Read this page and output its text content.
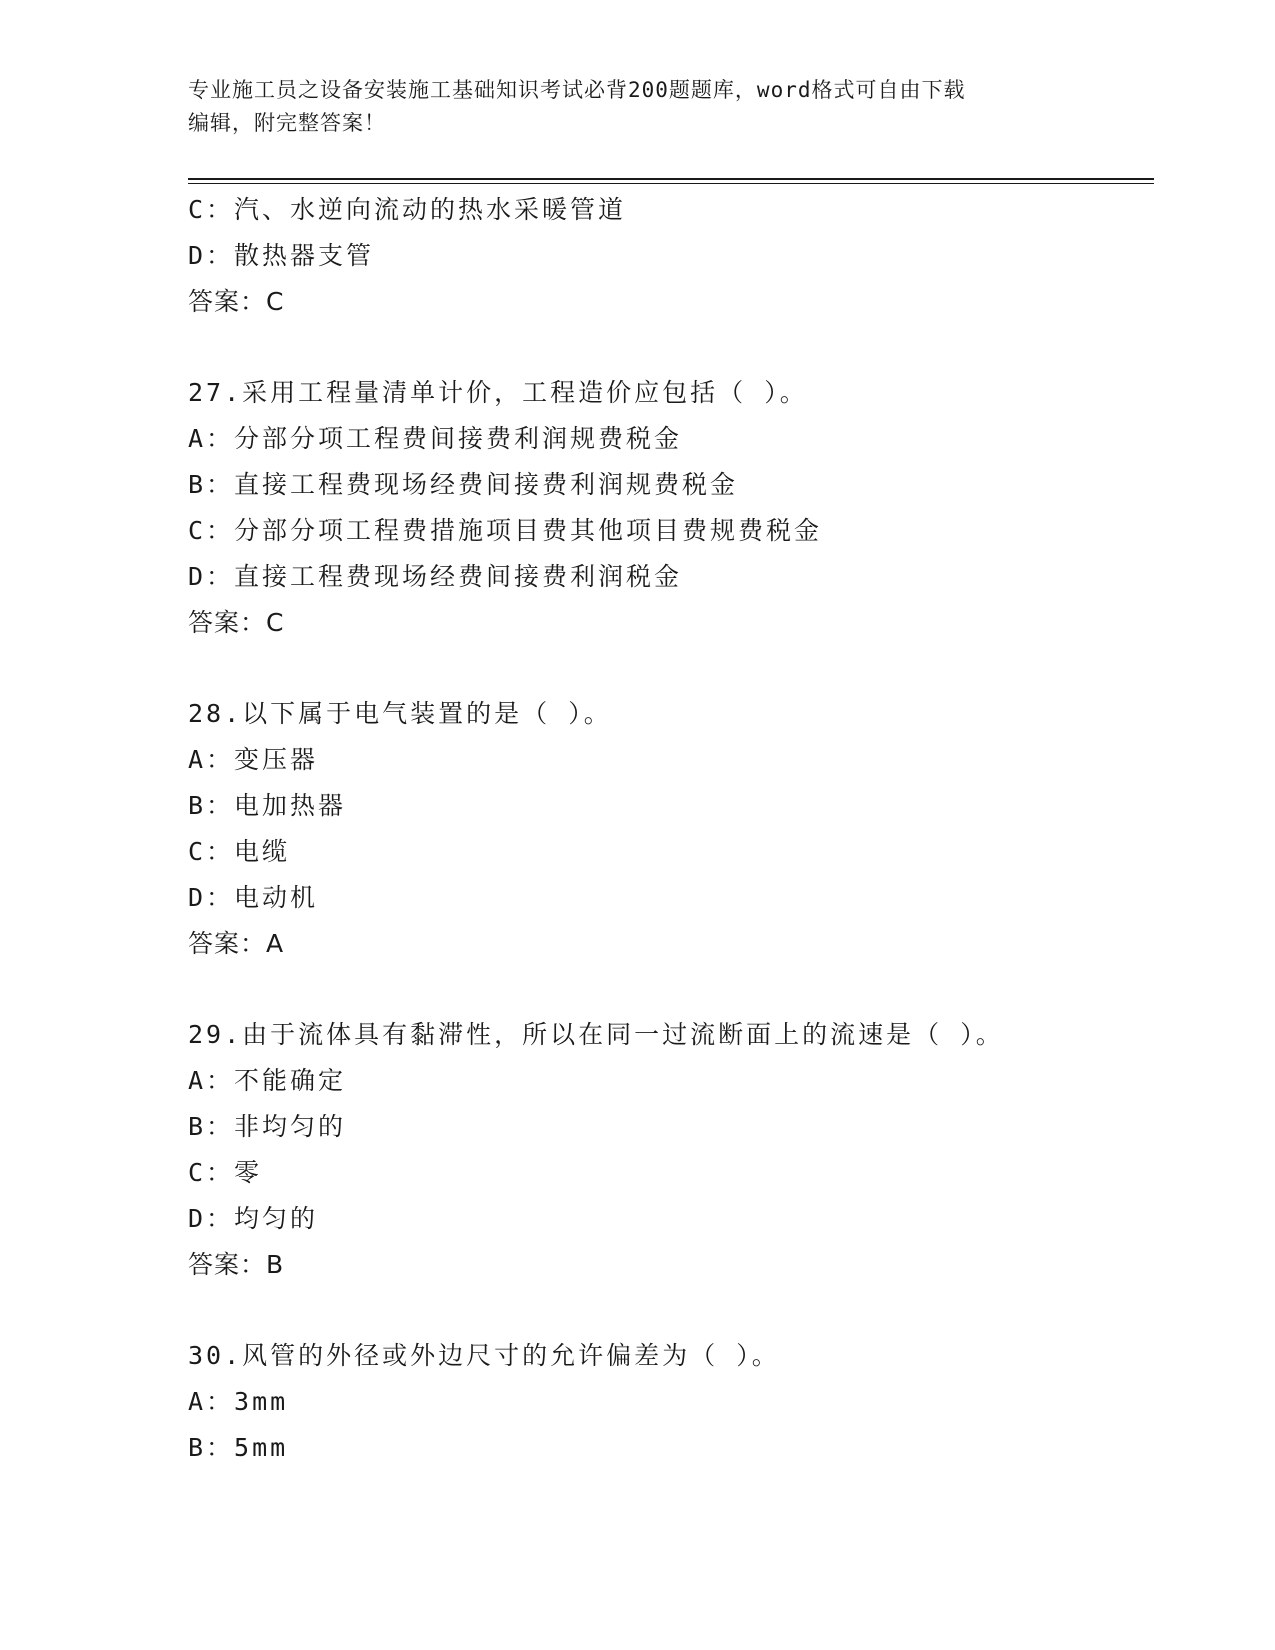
专业施工员之设备安装施工基础知识考试必背200题题库，word格式可自由下载
编辑，附完整答案！
C：汽、水逆向流动的热水采暖管道
D：散热器支管
答案：C
27.采用工程量清单计价，工程造价应包括（ ）。
A：分部分项工程费间接费利润规费税金
B：直接工程费现场经费间接费利润规费税金
C：分部分项工程费措施项目费其他项目费规费税金
D：直接工程费现场经费间接费利润税金
答案：C
28.以下属于电气装置的是（ ）。
A：变压器
B：电加热器
C：电缆
D：电动机
答案：A
29.由于流体具有黏滞性，所以在同一过流断面上的流速是（ ）。
A：不能确定
B：非均匀的
C：零
D：均匀的
答案：B
30.风管的外径或外边尺寸的允许偏差为（ ）。
A：3mm
B：5mm
